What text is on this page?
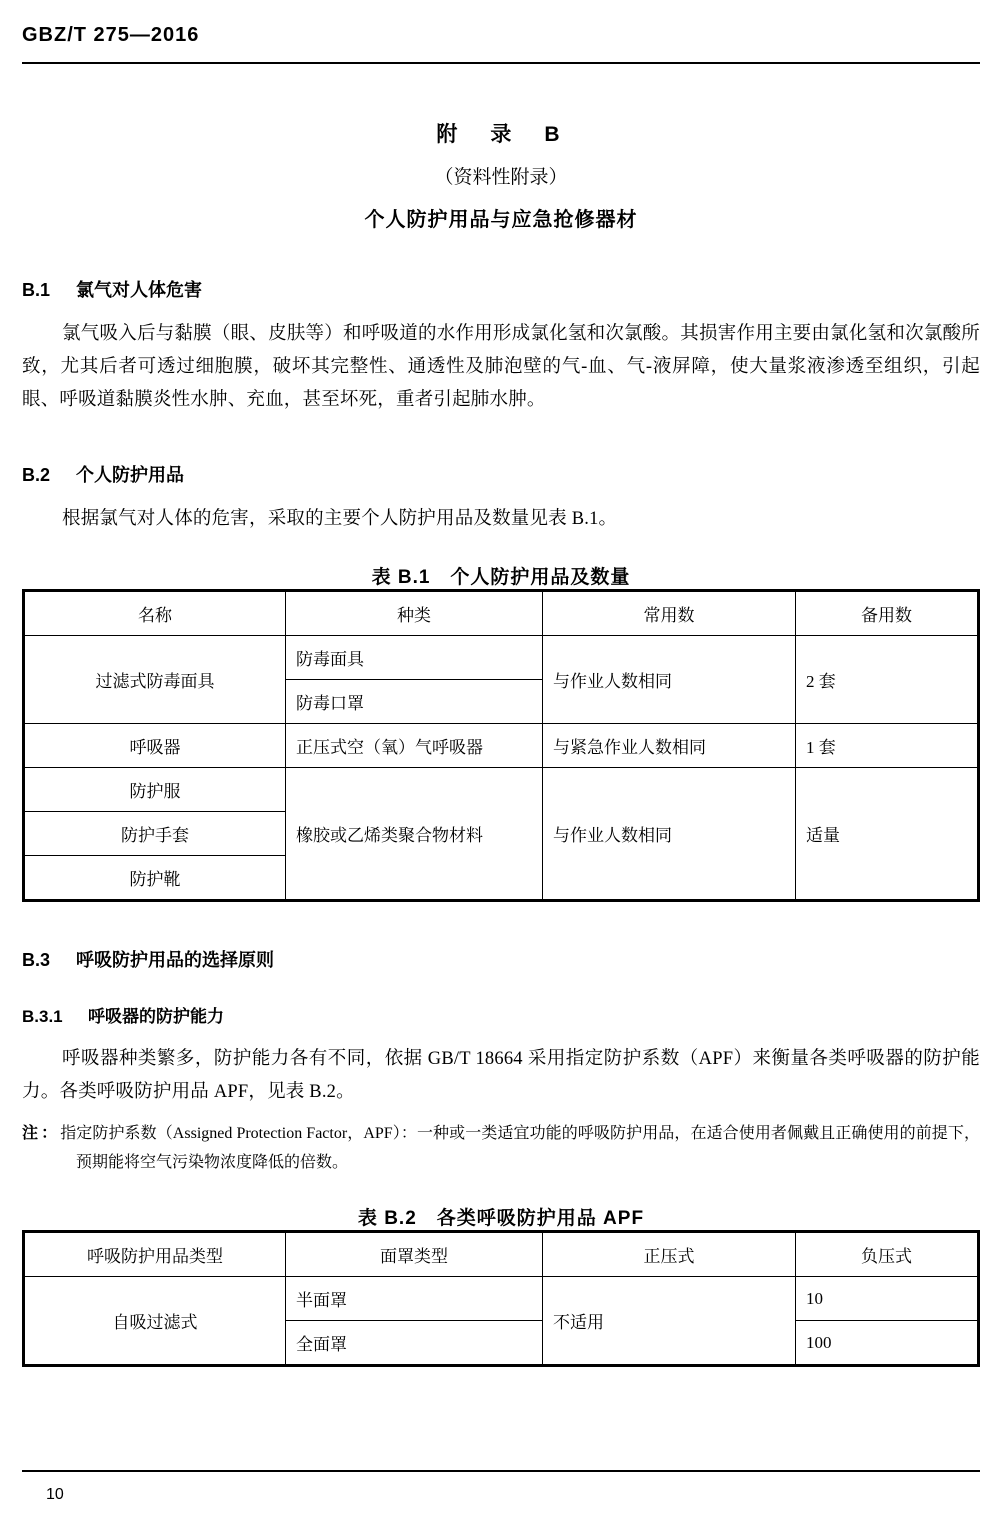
GBZ/T 275—2016
附　录　B
（资料性附录）
个人防护用品与应急抢修器材
B.1 氯气对人体危害

氯气吸入后与黏膜（眼、皮肤等）和呼吸道的水作用形成氯化氢和次氯酸。其损害作用主要由氯化氢和次氯酸所致，尤其后者可透过细胞膜，破坏其完整性、通透性及肺泡壁的气-血、气-液屏障，使大量浆液渗透至组织，引起眼、呼吸道黏膜炎性水肿、充血，甚至坏死，重者引起肺水肿。

B.2 个人防护用品

根据氯气对人体的危害，采取的主要个人防护用品及数量见表 B.1。

表 B.1　个人防护用品及数量
名称	种类	常用数	备用数
过滤式防毒面具	防毒面具	与作业人数相同	2 套
	防毒口罩		
呼吸器	正压式空（氧）气呼吸器	与紧急作业人数相同	1 套
防护服	橡胶或乙烯类聚合物材料	与作业人数相同	适量
防护手套			
防护靴			
B.3 呼吸防护用品的选择原则
B.3.1 呼吸器的防护能力

呼吸器种类繁多，防护能力各有不同，依据 GB/T 18664 采用指定防护系数（APF）来衡量各类呼吸器的防护能力。各类呼吸防护用品 APF，见表 B.2。

注：指定防护系数（Assigned Protection Factor，APF）：一种或一类适宜功能的呼吸防护用品，在适合使用者佩戴且正确使用的前提下，预期能将空气污染物浓度降低的倍数。

表 B.2　各类呼吸防护用品 APF
呼吸防护用品类型	面罩类型	正压式	负压式
自吸过滤式	半面罩	不适用	10
	全面罩		100
10
